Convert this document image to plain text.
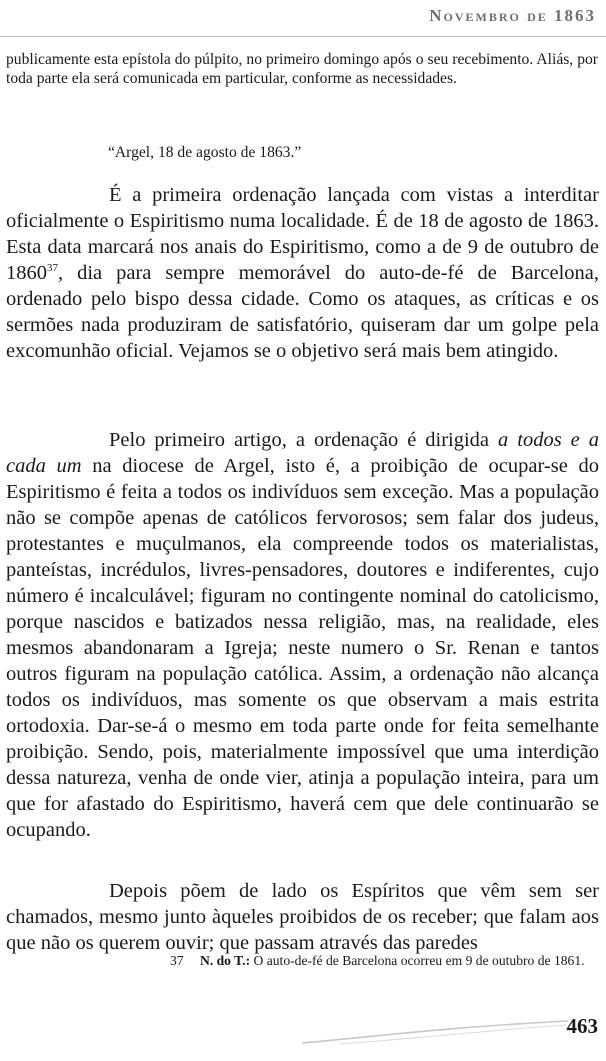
Novembro de 1863

publicamente esta epístola do púlpito, no primeiro domingo após o seu recebimento. Aliás, por toda parte ela será comunicada em particular, conforme as necessidades.

“Argel, 18 de agosto de 1863.”

É a primeira ordenação lançada com vistas a interditar oficialmente o Espiritismo numa localidade. É de 18 de agosto de 1863. Esta data marcará nos anais do Espiritismo, como a de 9 de outubro de 1860$^{37}$, dia para sempre memorável do auto-de-fé de Barcelona, ordenado pelo bispo dessa cidade. Como os ataques, as críticas e os sermões nada produziram de satisfatório, quiseram dar um golpe pela excomunhão oficial. Vejamos se o objetivo será mais bem atingido.

Pelo primeiro artigo, a ordenação é dirigida a todos e a cada um na diocese de Argel, isto é, a proibição de ocupar-se do Espiritismo é feita a todos os indivíduos sem exceção. Mas a população não se compõe apenas de católicos fervorosos; sem falar dos judeus, protestantes e muçulmanos, ela compreende todos os materialistas, panteístas, incrédulos, livres-pensadores, doutores e indiferentes, cujo número é incalculável; figuram no contingente nominal do catolicismo, porque nascidos e batizados nessa religião, mas, na realidade, eles mesmos abandonaram a Igreja; neste numero o Sr. Renan e tantos outros figuram na população católica. Assim, a ordenação não alcança todos os indivíduos, mas somente os que observam a mais estrita ortodoxia. Dar-se-á o mesmo em toda parte onde for feita semelhante proibição. Sendo, pois, materialmente impossível que uma interdição dessa natureza, venha de onde vier, atinja a população inteira, para um que for afastado do Espiritismo, haverá cem que dele continuarão se ocupando.

Depois põem de lado os Espíritos que vêm sem ser chamados, mesmo junto àqueles proibidos de os receber; que falam aos que não os querem ouvir; que passam através das paredes

37	N. do T.: O auto-de-fé de Barcelona ocorreu em 9 de outubro de 1861.
463
